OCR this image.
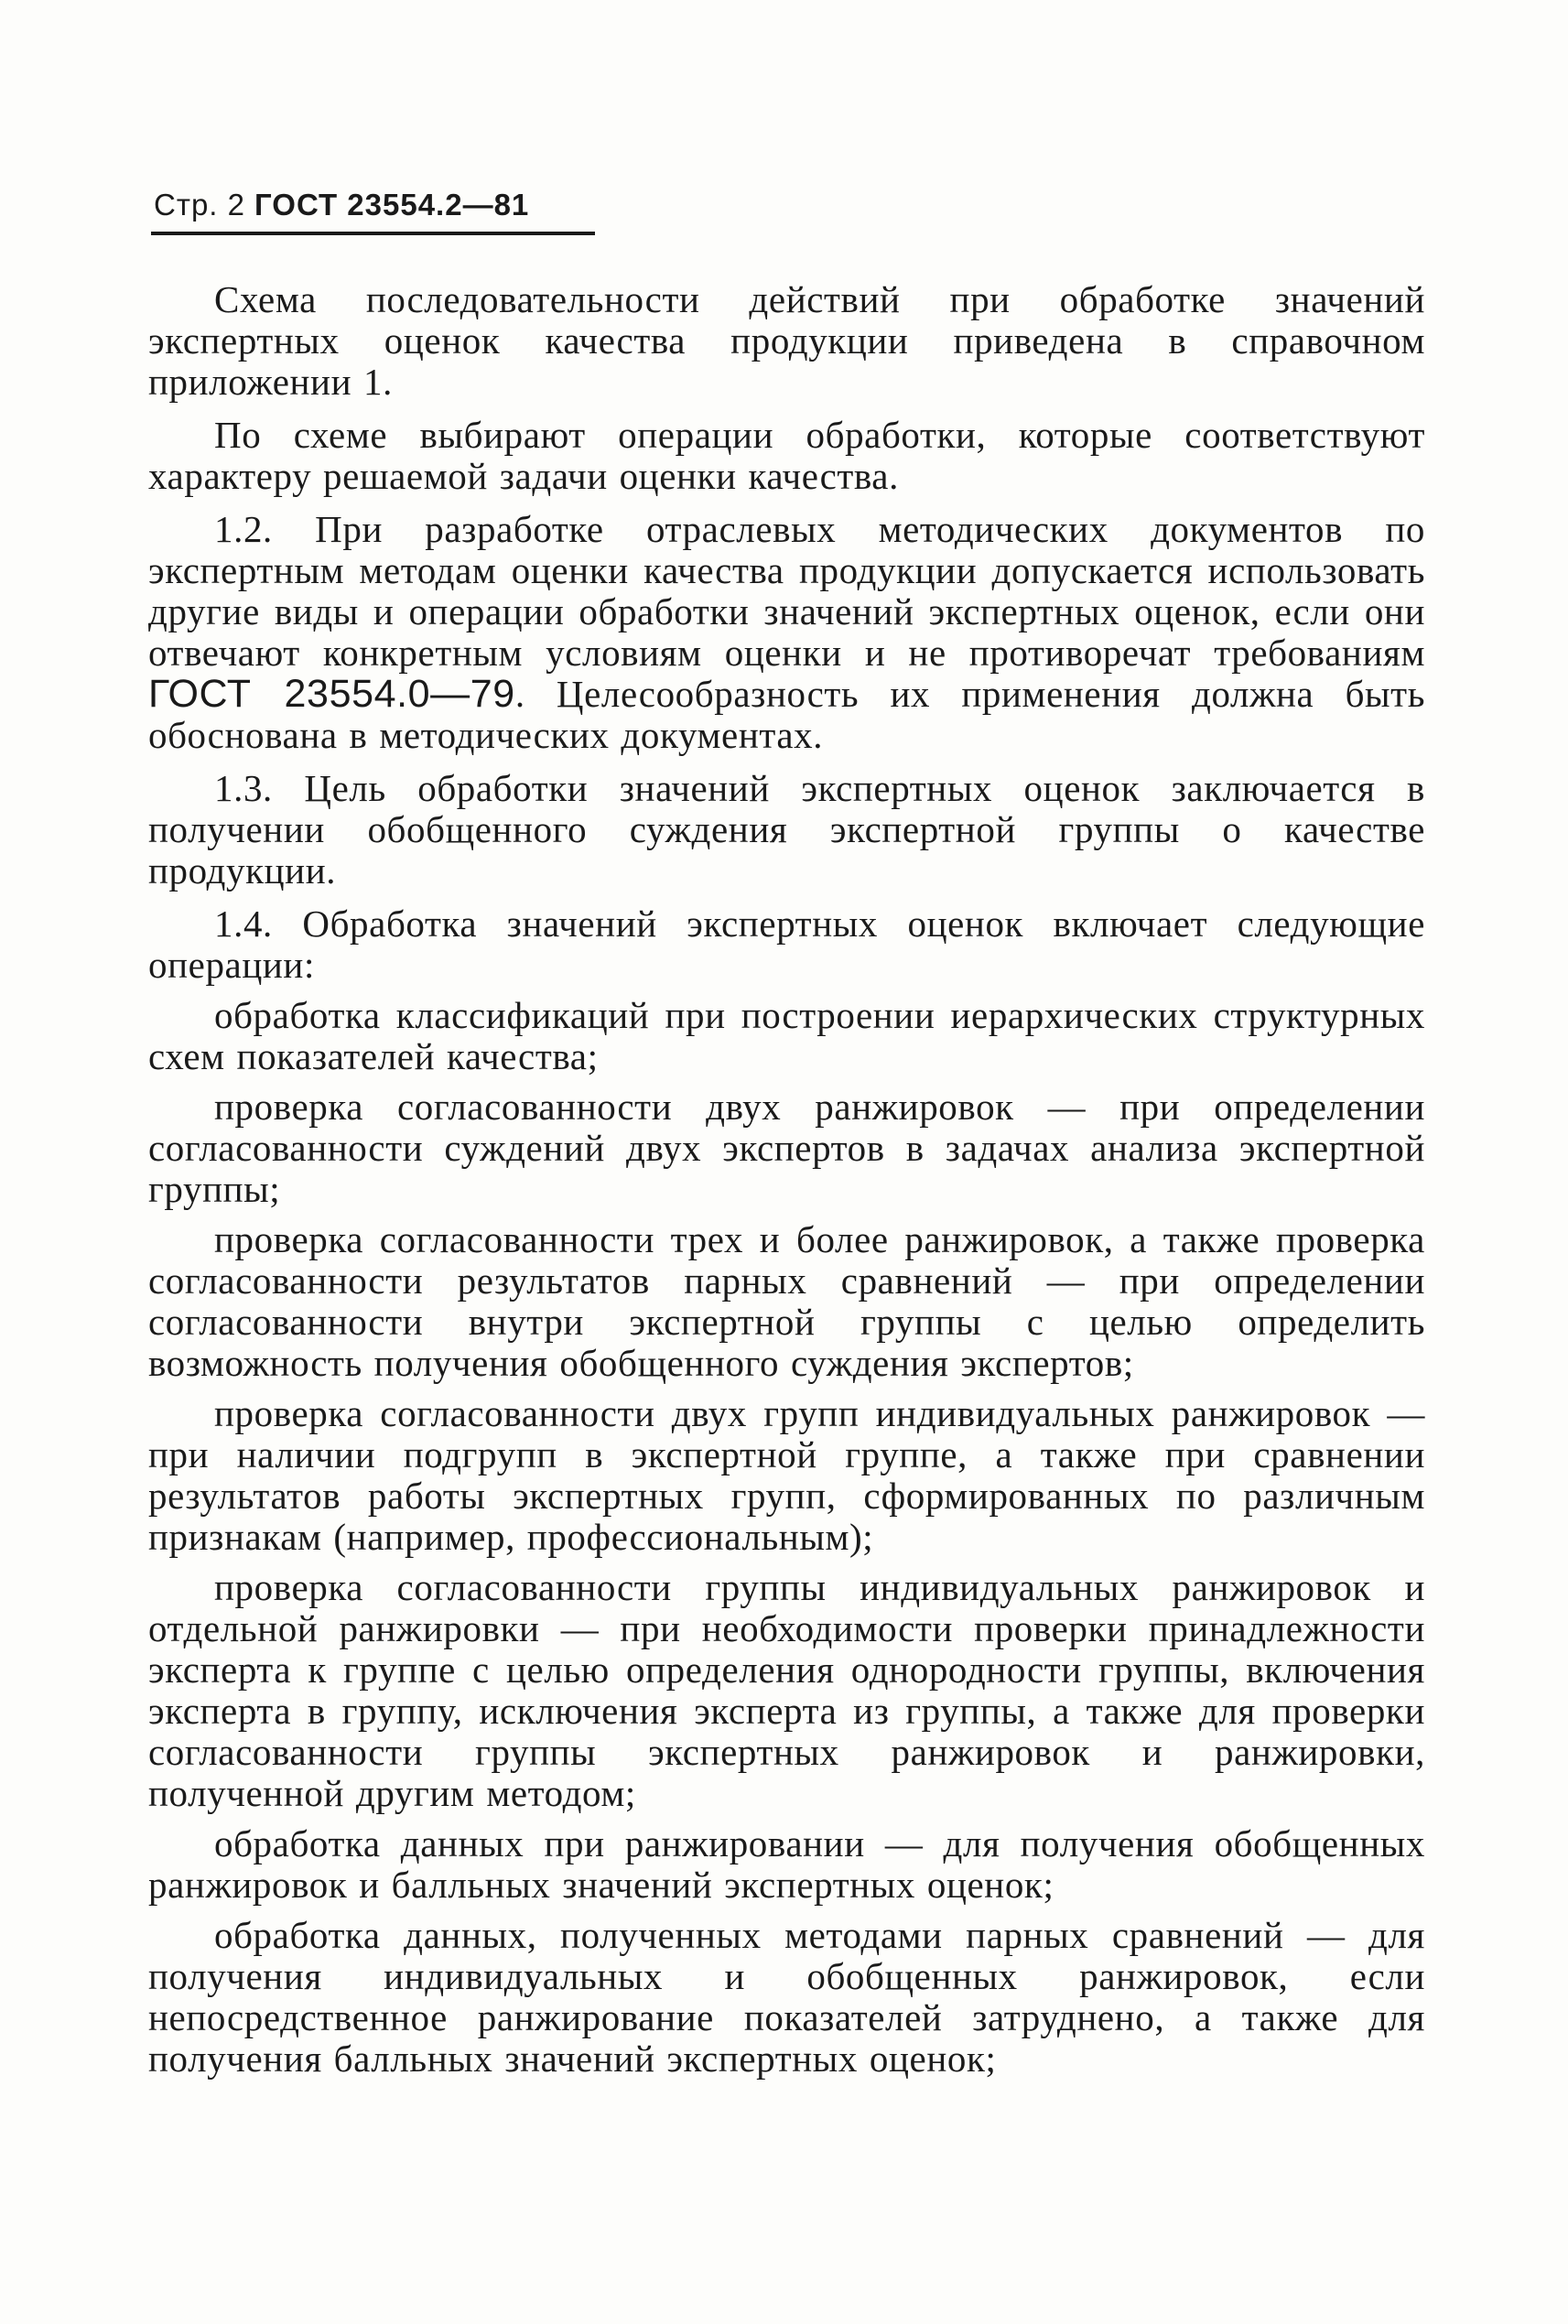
Стр. 2 ГОСТ 23554.2—81

Схема последовательности действий при обработке значений экспертных оценок качества продукции приведена в справочном приложении 1.

По схеме выбирают операции обработки, которые соответствуют характеру решаемой задачи оценки качества.

1.2. При разработке отраслевых методических документов по экспертным методам оценки качества продукции допускается использовать другие виды и операции обработки значений экспертных оценок, если они отвечают конкретным условиям оценки и не противоречат требованиям ГОСТ 23554.0—79. Целесообразность их применения должна быть обоснована в методических документах.

1.3. Цель обработки значений экспертных оценок заключается в получении обобщенного суждения экспертной группы о качестве продукции.

1.4. Обработка значений экспертных оценок включает следующие операции:

обработка классификаций при построении иерархических структурных схем показателей качества;

проверка согласованности двух ранжировок — при определении согласованности суждений двух экспертов в задачах анализа экспертной группы;

проверка согласованности трех и более ранжировок, а также проверка согласованности результатов парных сравнений — при определении согласованности внутри экспертной группы с целью определить возможность получения обобщенного суждения экспертов;

проверка согласованности двух групп индивидуальных ранжировок — при наличии подгрупп в экспертной группе, а также при сравнении результатов работы экспертных групп, сформированных по различным признакам (например, профессиональным);

проверка согласованности группы индивидуальных ранжировок и отдельной ранжировки — при необходимости проверки принадлежности эксперта к группе с целью определения однородности группы, включения эксперта в группу, исключения эксперта из группы, а также для проверки согласованности группы экспертных ранжировок и ранжировки, полученной другим методом;

обработка данных при ранжировании — для получения обобщенных ранжировок и балльных значений экспертных оценок;

обработка данных, полученных методами парных сравнений — для получения индивидуальных и обобщенных ранжировок, если непосредственное ранжирование показателей затруднено, а также для получения балльных значений экспертных оценок;
